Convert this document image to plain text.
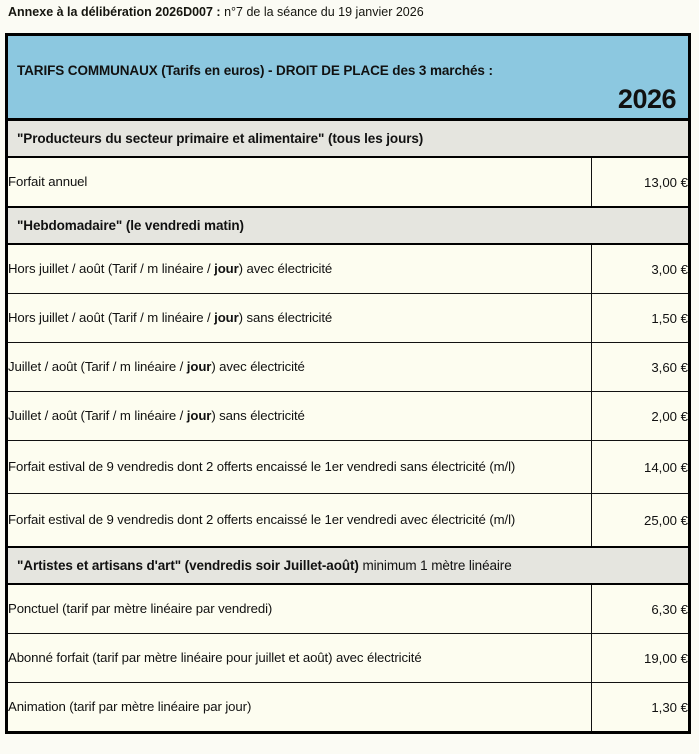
Annexe à la délibération 2026D007 : n°7 de la séance du 19 janvier 2026
TARIFS COMMUNAUX (Tarifs en euros) - DROIT DE PLACE des 3 marchés :
2026	

"Producteurs du secteur primaire et alimentaire" (tous les jours)	

Forfait annuel	13,00 €

"Hebdomadaire" (le vendredi matin)	

Hors juillet / août (Tarif / m linéaire / jour) avec électricité	3,00 €
Hors juillet / août (Tarif / m linéaire / jour) sans électricité	1,50 €
Juillet / août (Tarif / m linéaire / jour) avec électricité	3,60 €
Juillet / août (Tarif / m linéaire / jour) sans électricité	2,00 €
Forfait estival de 9 vendredis dont 2 offerts encaissé le 1er vendredi sans électricité (m/l)	14,00 €
Forfait estival de 9 vendredis dont 2 offerts encaissé le 1er vendredi avec électricité (m/l)	25,00 €

"Artistes et artisans d'art" (vendredis soir Juillet-août) minimum 1 mètre linéaire	

Ponctuel (tarif par mètre linéaire par vendredi)	6,30 €
Abonné forfait (tarif par mètre linéaire pour juillet et août) avec électricité	19,00 €
Animation (tarif par mètre linéaire par jour)	1,30 €
